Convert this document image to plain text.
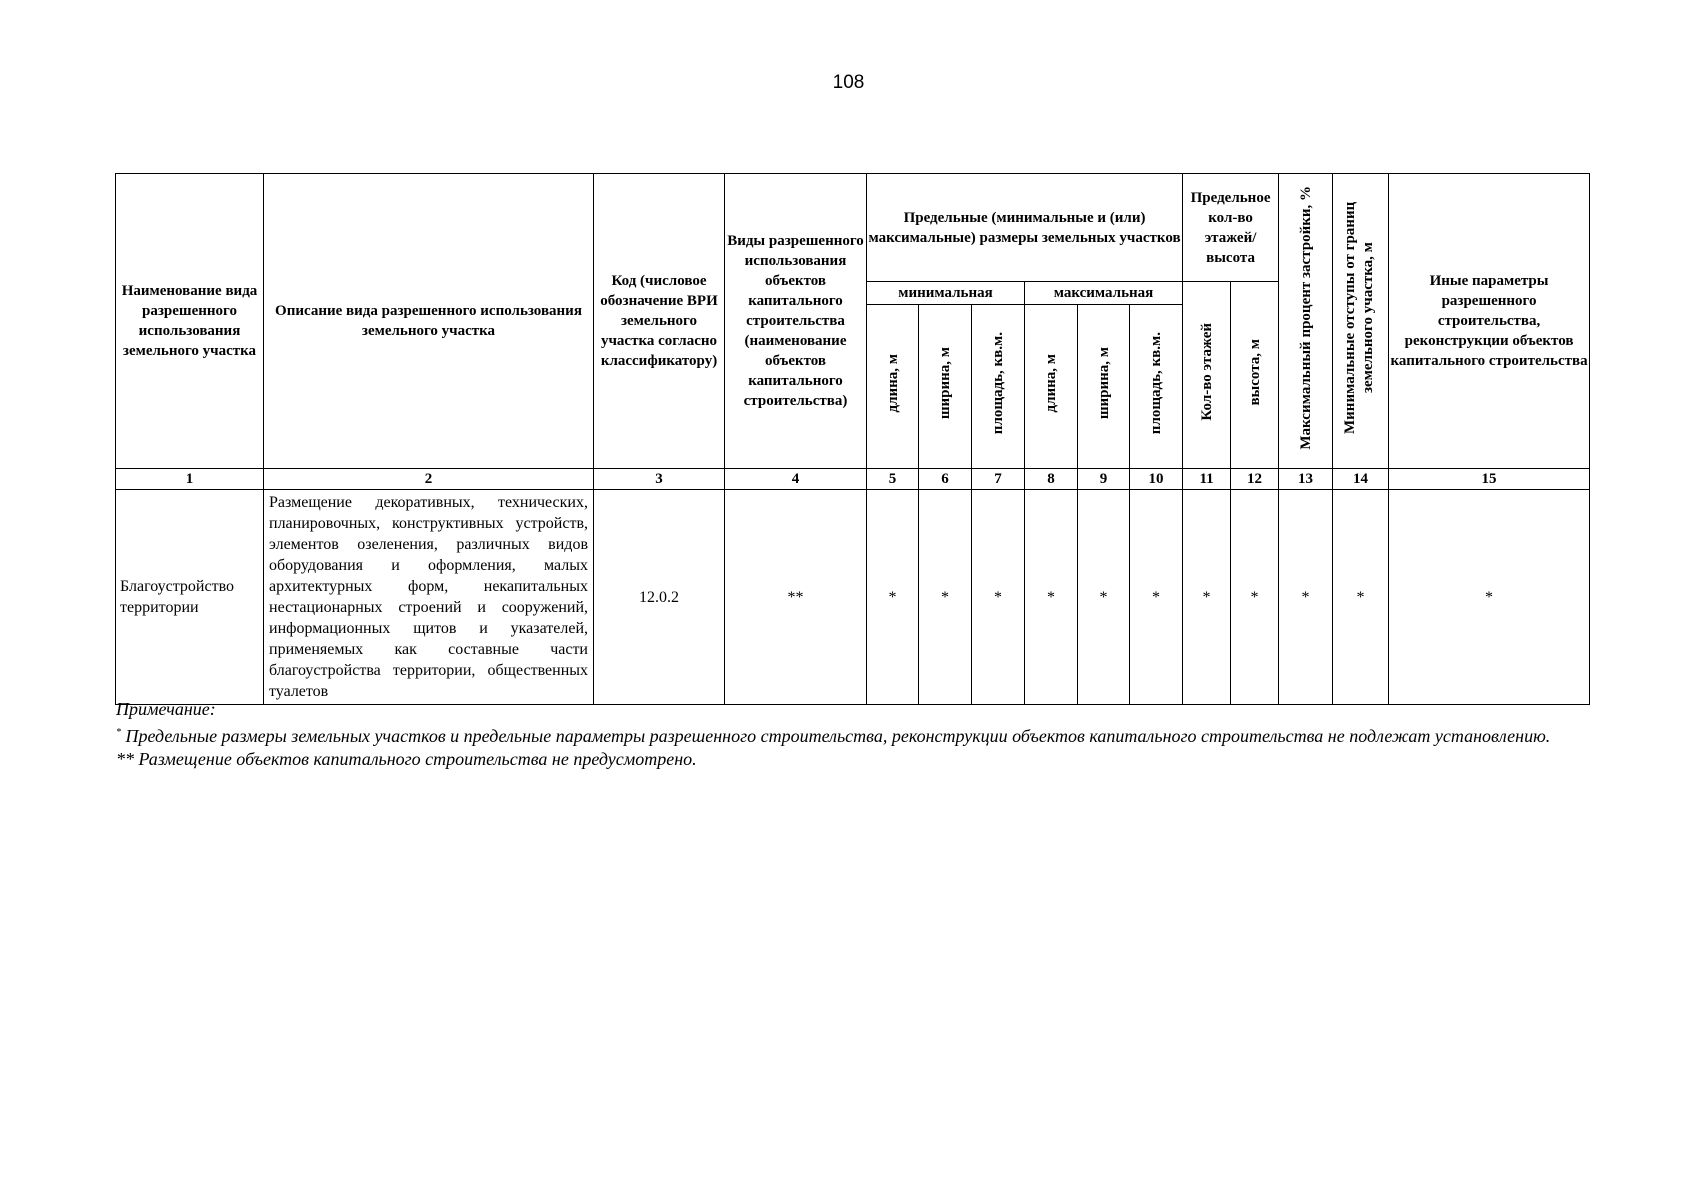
108
Наименование вида разрешенного использования земельного участка	Описание вида разрешенного использования земельного участка	Код (числовое обозначение ВРИ земельного участка согласно классификатору)	Виды разрешенного использования объектов капитального строительства (наименование объектов капитального строительства)	Предельные (минимальные и (или) максимальные) размеры земельных участков						Предельное кол-во этажей/ высота		Максимальный процент застройки, %	Минимальные отступы от границ земельного участка, м	Иные параметры разрешенного строительства, реконструкции объектов капитального строительства
				минимальная			максимальная			Кол-во этажей	высота, м			
				длина, м	ширина, м	площадь, кв.м.	длина, м	ширина, м	площадь, кв.м.					
1	2	3	4	5	6	7	8	9	10	11	12	13	14	15
Благоустройство территории	Размещение декоративных, технических, планировочных, конструктивных устройств, элементов озеленения, различных видов оборудования и оформления, малых архитектурных форм, некапитальных нестационарных строений и сооружений, информационных щитов и указателей, применяемых как составные части благоустройства территории, общественных туалетов	12.0.2	**	*	*	*	*	*	*	*	*	*	*	*

Примечание:

* Предельные размеры земельных участков и предельные параметры разрешенного строительства, реконструкции объектов капитального строительства не подлежат установлению.

** Размещение объектов капитального строительства не предусмотрено.
